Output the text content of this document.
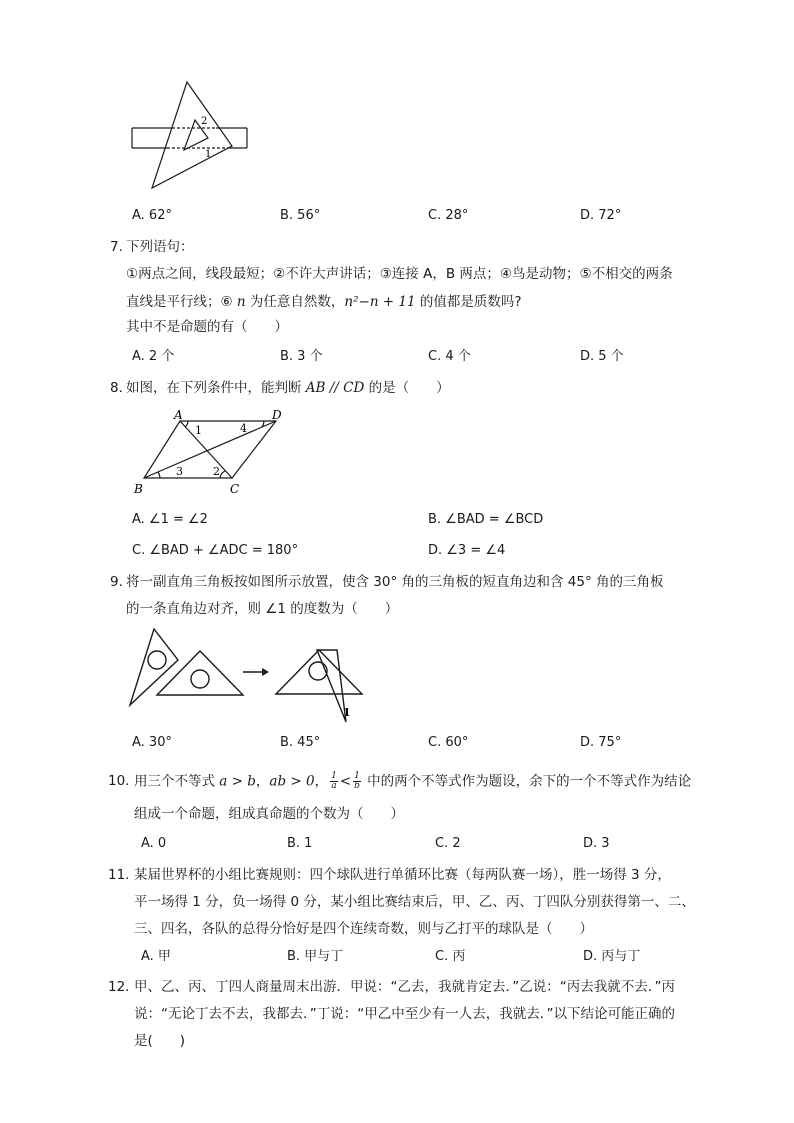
2
1
A. 62°	B. 56°	C. 28°	D. 72°
7. 下列语句：
①两点之间，线段最短；②不许大声讲话；③连接 A，B 两点；④鸟是动物；⑤不相交的两条
直线是平行线；⑥ n 为任意自然数，n²−n + 11 的值都是质数吗?
其中不是命题的有（　　）
A. 2 个	B. 3 个	C. 4 个	D. 5 个
8. 如图，在下列条件中，能判断 AB // CD 的是（　　）
A	D
B	C
1
2
3
4
A. ∠1 = ∠2	B. ∠BAD = ∠BCD
C. ∠BAD + ∠ADC = 180°	D. ∠3 = ∠4
9. 将一副直角三角板按如图所示放置，使含 30° 角的三角板的短直角边和含 45° 角的三角板
的一条直角边对齐，则 ∠1 的度数为（　　）
1
A. 30°	B. 45°	C. 60°	D. 75°
10. 用三个不等式 a > b，ab > 0， $\frac{1}{a} < \frac{1}{b}$ 中的两个不等式作为题设，余下的一个不等式作为结论
组成一个命题，组成真命题的个数为（　　）
A. 0	B. 1	C. 2	D. 3
11. 某届世界杯的小组比赛规则：四个球队进行单循环比赛（每两队赛一场），胜一场得 3 分，
平一场得 1 分，负一场得 0 分，某小组比赛结束后，甲、乙、丙、丁四队分别获得第一、二、
三、四名，各队的总得分恰好是四个连续奇数，则与乙打平的球队是（　　）
A. 甲	B. 甲与丁	C. 丙	D. 丙与丁
12. 甲、乙、丙、丁四人商量周末出游．甲说：“乙去，我就肯定去．”乙说：“丙去我就不去．”丙
说：“无论丁去不去，我都去．”丁说：“甲乙中至少有一人去，我就去．”以下结论可能正确的
是(　　)
